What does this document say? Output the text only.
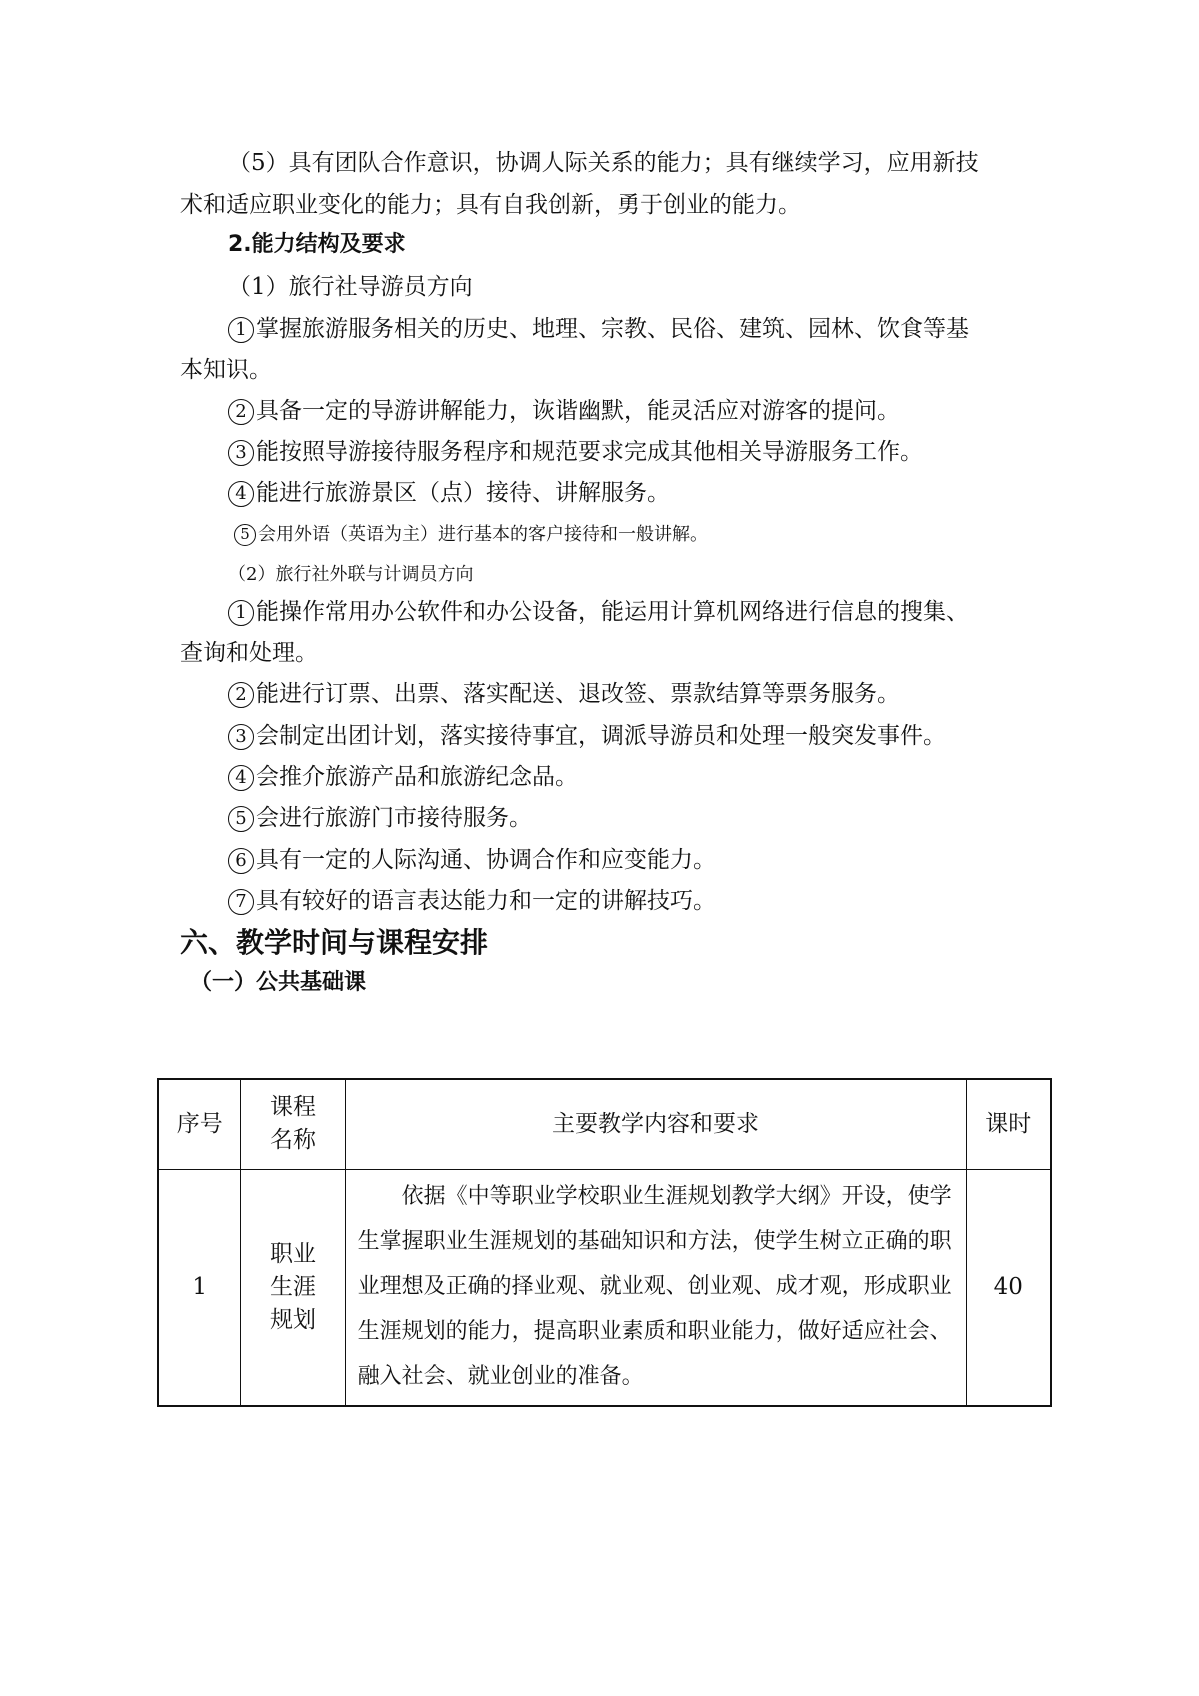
（5）具有团队合作意识，协调人际关系的能力；具有继续学习，应用新技
术和适应职业变化的能力；具有自我创新，勇于创业的能力。
2.能力结构及要求
（1）旅行社导游员方向
1 掌握旅游服务相关的历史、地理、宗教、民俗、建筑、园林、饮食等基
本知识。
2 具备一定的导游讲解能力，诙谐幽默，能灵活应对游客的提问。
3 能按照导游接待服务程序和规范要求完成其他相关导游服务工作。
4 能进行旅游景区（点）接待、讲解服务。
5 会用外语（英语为主）进行基本的客户接待和一般讲解。
（2）旅行社外联与计调员方向
1 能操作常用办公软件和办公设备，能运用计算机网络进行信息的搜集、
查询和处理。
2 能进行订票、出票、落实配送、退改签、票款结算等票务服务。
3 会制定出团计划，落实接待事宜，调派导游员和处理一般突发事件。
4 会推介旅游产品和旅游纪念品。
5 会进行旅游门市接待服务。
6 具有一定的人际沟通、协调合作和应变能力。
7 具有较好的语言表达能力和一定的讲解技巧。
六、教学时间与课程安排
（一）公共基础课
序号	课程名称	主要教学内容和要求	课时
1	职业生涯规划	依据《中等职业学校职业生涯规划教学大纲》开设，使学生掌握职业生涯规划的基础知识和方法，使学生树立正确的职业理想及正确的择业观、就业观、创业观、成才观，形成职业生涯规划的能力，提高职业素质和职业能力，做好适应社会、融入社会、就业创业的准备。	40
